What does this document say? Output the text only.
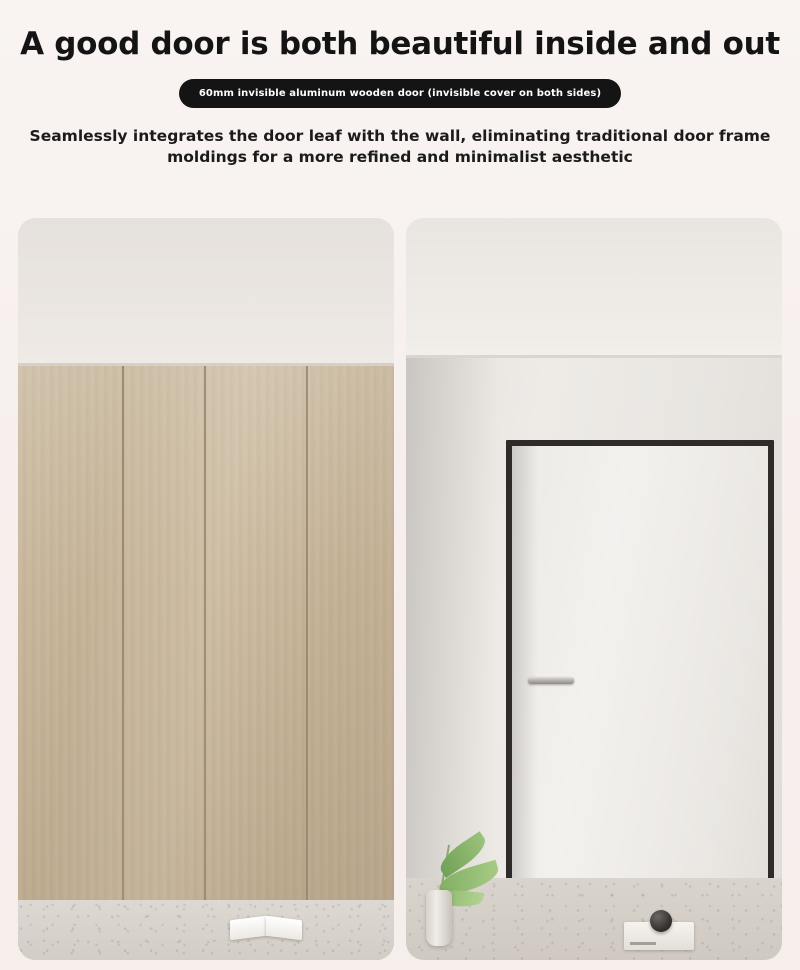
A good door is both beautiful inside and out
60mm invisible aluminum wooden door (invisible cover on both sides)

Seamlessly integrates the door leaf with the wall, eliminating traditional door frame moldings for a more refined and minimalist aesthetic
